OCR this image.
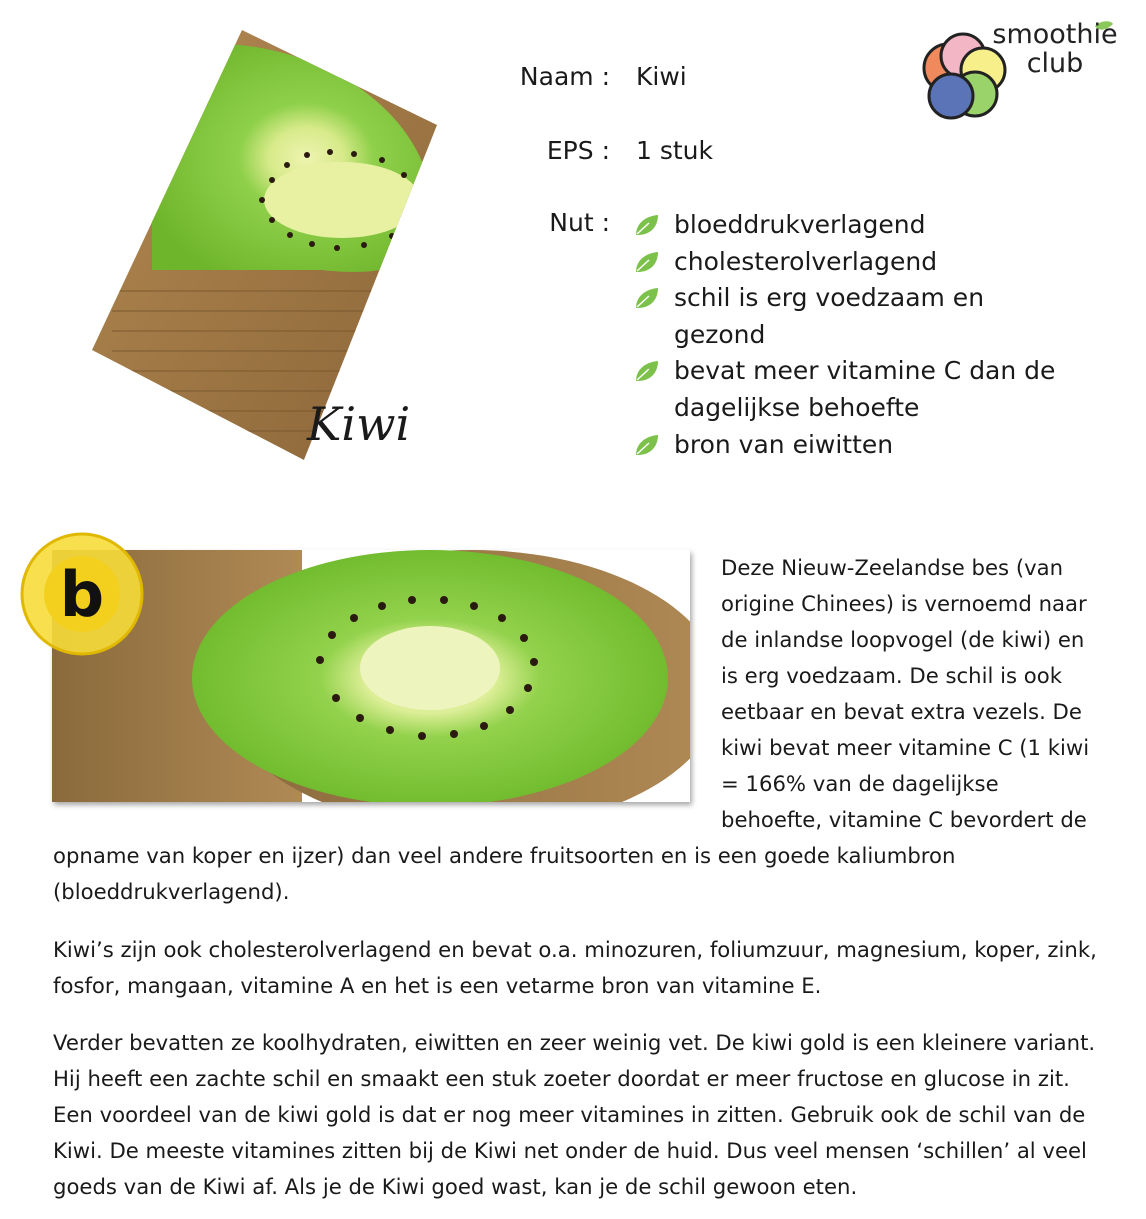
Kiwi
smoothie
club
Naam : Kiwi
EPS : 1 stuk
Nut :	bloeddrukverlagend
cholesterolverlagend
schil is erg voedzaam en gezond
bevat meer vitamine C dan de dagelijkse behoefte
bron van eiwitten
b	Deze Nieuw-Zeelandse bes (van origine Chinees) is vernoemd naar de inlandse loopvogel (de kiwi) en is erg voedzaam. De schil is ook eetbaar en bevat extra vezels. De kiwi bevat meer vitamine C (1 kiwi = 166% van de dagelijkse behoefte, vitamine C bevordert de

opname van koper en ijzer) dan veel andere fruitsoorten en is een goede kaliumbron (bloeddrukverlagend).

Kiwi’s zijn ook cholesterolverlagend en bevat o.a. minozuren, foliumzuur, magnesium, koper, zink, fosfor, mangaan, vitamine A en het is een vetarme bron van vitamine E.

Verder bevatten ze koolhydraten, eiwitten en zeer weinig vet. De kiwi gold is een kleinere variant. Hij heeft een zachte schil en smaakt een stuk zoeter doordat er meer fructose en glucose in zit. Een voordeel van de kiwi gold is dat er nog meer vitamines in zitten. Gebruik ook de schil van de Kiwi. De meeste vitamines zitten bij de Kiwi net onder de huid. Dus veel mensen ‘schillen’ al veel goeds van de Kiwi af. Als je de Kiwi goed wast, kan je de schil gewoon eten.
